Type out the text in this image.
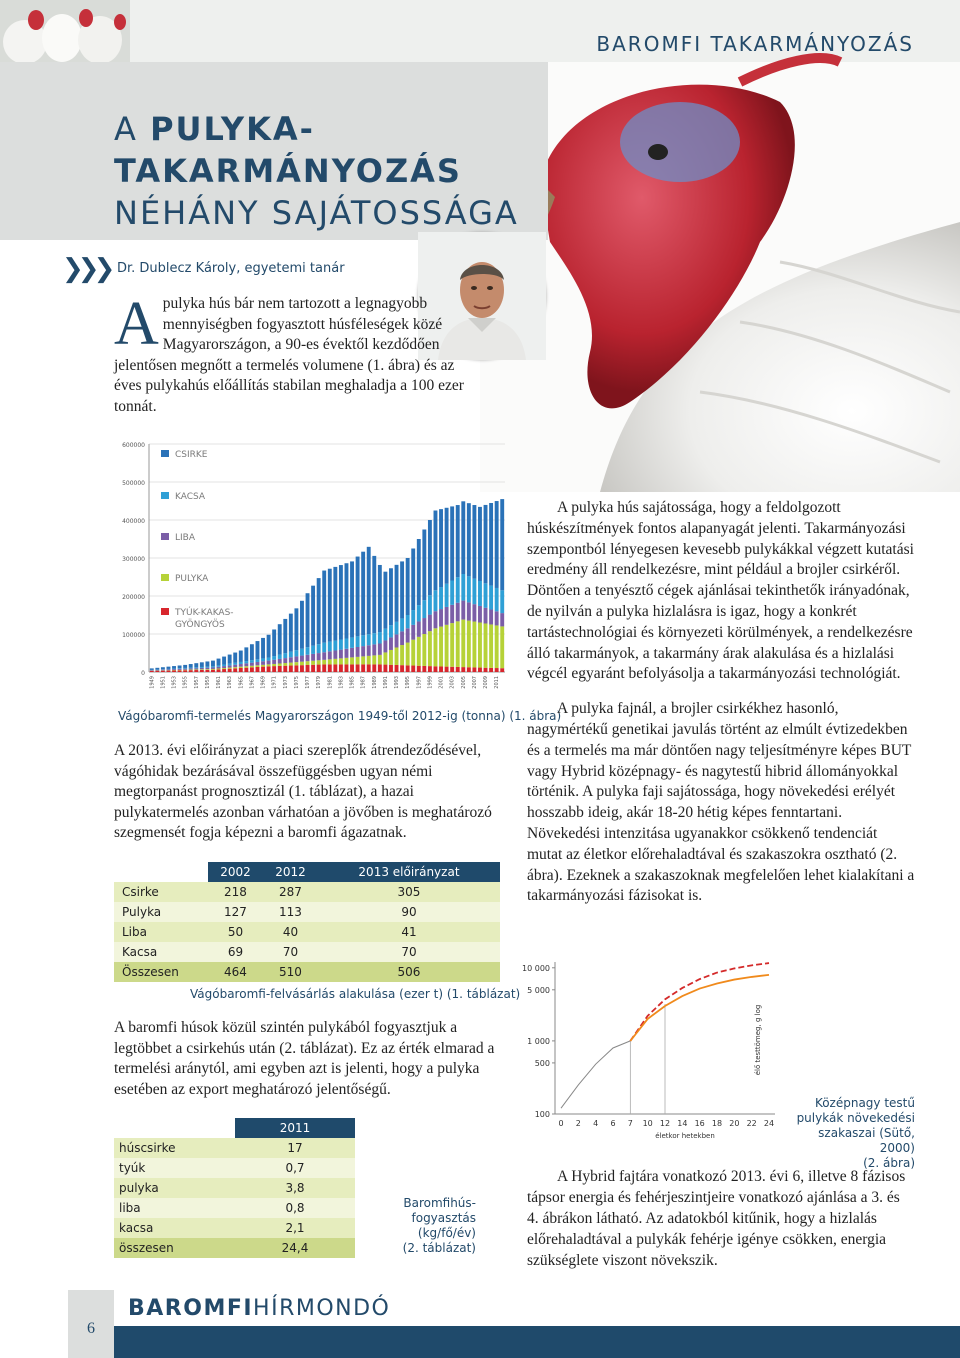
BAROMFI TAKARMÁNYOZÁS
A PULYKA-
TAKARMÁNYOZÁS
NÉHÁNY SAJÁTOSSÁGA
❯❯❯ Dr. Dublecz Károly, egyetemi tanár
A pulyka hús bár nem tartozott a legnagyobb mennyiségben fogyasztott húsféleségek közé Magyarországon, a 90-es évektől kezdődően jelentősen megnőtt a termelés volumene (1. ábra) és az éves pulykahús előállítás stabilan meghaladja a 100 ezer tonnát.
0
100000
200000
300000
400000
500000
600000
1949 1951 1953 1955 1957 1959 1961 1963 1965 1967 1969 1971 1973 1975 1977 1979 1981 1983 1985 1987 1989 1991 1993 1995 1997 1999 2001 2003 2005 2007 2009 2011
CSIRKE
KACSA
LIBA
PULYKA
TYÚK-KAKAS-
GYÖNGYÖS
Vágóbaromfi-termelés Magyarországon 1949-től 2012-ig (tonna) (1. ábra)
A 2013. évi előirányzat a piaci szereplők átrendeződésével, vágóhidak bezárásával összefüggésben ugyan némi megtorpanást prognosztizál (1. táblázat), a hazai pulykatermelés azonban várhatóan a jövőben is meghatározó szegmensét fogja képezni a baromfi ágazatnak.
	2002	2012	2013 előirányzat
Csirke	218	287	305
Pulyka	127	113	90
Liba	50	40	41
Kacsa	69	70	70
Összesen	464	510	506
Vágóbaromfi-felvásárlás alakulása (ezer t) (1. táblázat)
A baromfi húsok közül szintén pulykából fogyasztjuk a legtöbbet a csirkehús után (2. táblázat). Ez az érték elmarad a termelési aránytól, ami egyben azt is jelenti, hogy a pulyka esetében az export meghatározó jelentőségű.
	2011
húscsirke	17
tyúk	0,7
pulyka	3,8
liba	0,8
kacsa	2,1
összesen	24,4
Baromfihús-
fogyasztás
(kg/fő/év)
(2. táblázat)

A pulyka hús sajátossága, hogy a feldolgozott húskészítmények fontos alapanyagát jelenti. Takarmányozási szempontból lényegesen kevesebb pulykákkal végzett kutatási eredmény áll rendelkezésre, mint például a brojler csirkéről. Döntően a tenyésztő cégek ajánlásai tekinthetők irányadónak, de nyilván a pulyka hizlalásra is igaz, hogy a konkrét tartástechnológiai és környezeti körülmények, a rendelkezésre álló takarmányok, a takarmány árak alakulása és a hizlalási végcél egyaránt befolyásolja a takarmányozási technológiát.

A pulyka fajnál, a brojler csirkékhez hasonló, nagymértékű genetikai javulás történt az elmúlt évtizedekben és a termelés ma már döntően nagy teljesítményre képes BUT vagy Hybrid középnagy- és nagytestű hibrid állományokkal történik. A pulyka faji sajátossága, hogy növekedési erélyét hosszabb ideig, akár 18-20 hétig képes fenntartani. Növekedési intenzitása ugyanakkor csökkenő tendenciát mutat az életkor előrehaladtával és szakaszokra osztható (2. ábra). Ezeknek a szakaszoknak megfelelően lehet kialakítani a takarmányozási fázisokat is.

100
500
1 000
5 000
10 000
0 2 4 6 7 10 12 14 16 18 20 22 24
életkor hetekben
élő testtömeg, g log
Középnagy testű
pulykák növekedési
szakaszai (Sütő, 2000)
(2. ábra)
A Hybrid fajtára vonatkozó 2013. évi 6, illetve 8 fázisos tápsor energia és fehérjeszintjeire vonatkozó ajánlása a 3. és 4. ábrákon látható. Az adatokból kitűnik, hogy a hizlalás előrehaladtával a pulykák fehérje igénye csökken, energia szükséglete viszont növekszik.
6
BAROMFIHÍRMONDÓ
